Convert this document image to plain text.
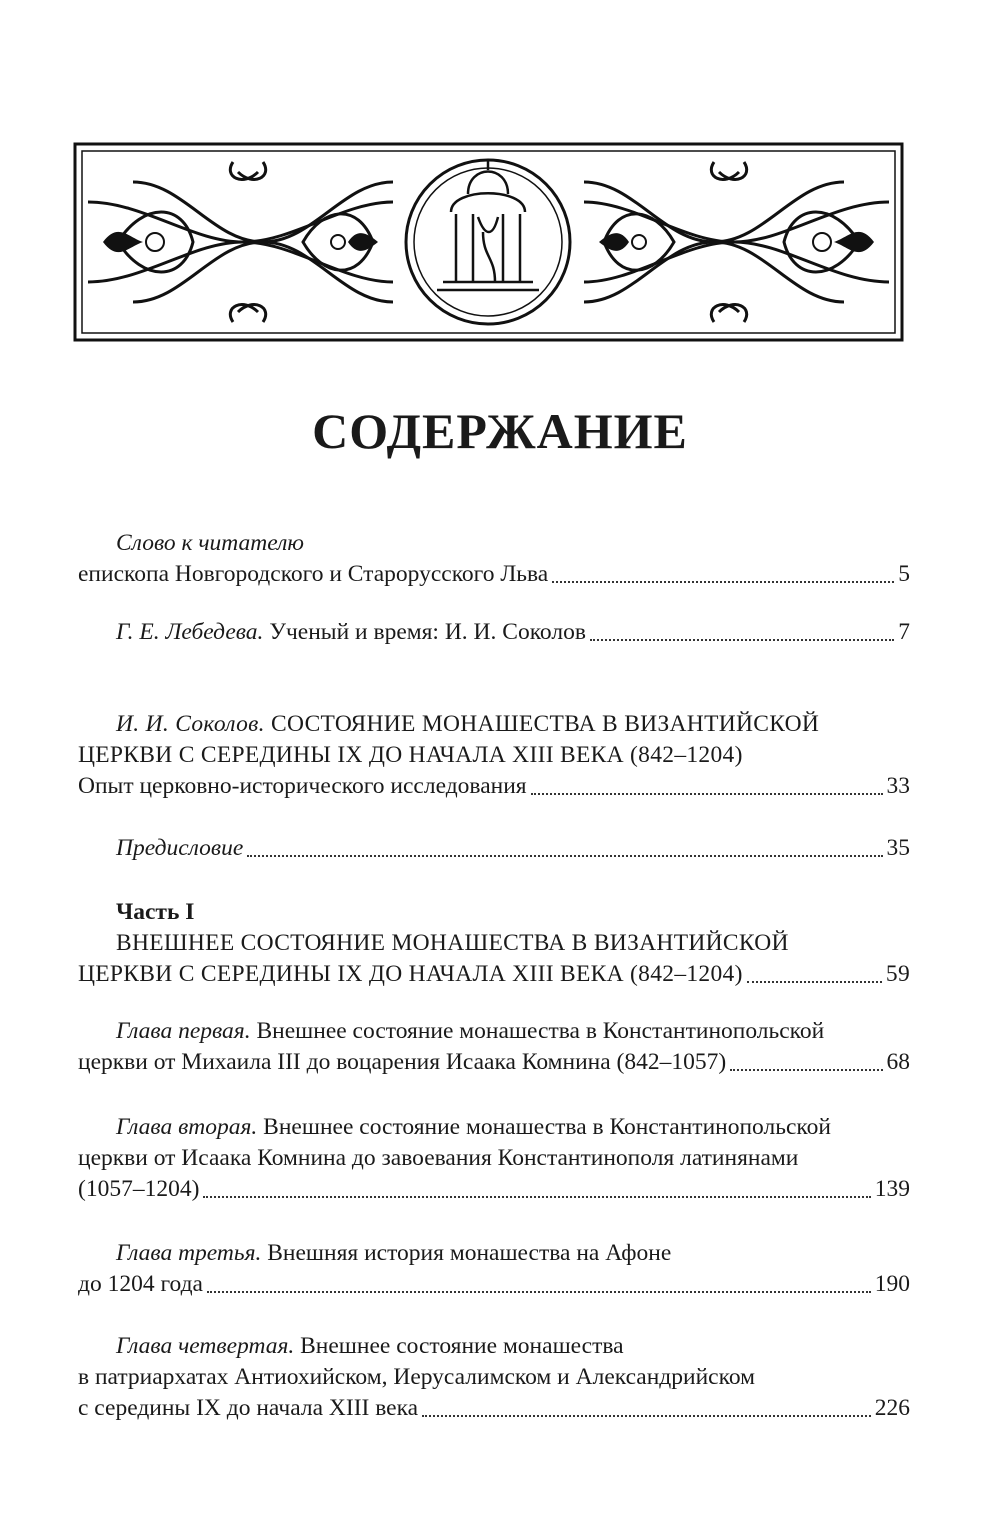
СОДЕРЖАНИЕ
Слово к читателю
епископа Новгородского и Старорусского Льва	5
Г. Е. Лебедева. Ученый и время: И. И. Соколов	7
И. И. Соколов. СОСТОЯНИЕ МОНАШЕСТВА В ВИЗАНТИЙСКОЙ
ЦЕРКВИ С СЕРЕДИНЫ IX ДО НАЧАЛА XIII ВЕКА (842–1204)
Опыт церковно-исторического исследования	33
Предисловие	35
Часть I
ВНЕШНЕЕ СОСТОЯНИЕ МОНАШЕСТВА В ВИЗАНТИЙСКОЙ
ЦЕРКВИ С СЕРЕДИНЫ IX ДО НАЧАЛА XIII ВЕКА (842–1204)	59
Глава первая. Внешнее состояние монашества в Константинопольской
церкви от Михаила III до воцарения Исаака Комнина (842–1057)	68
Глава вторая. Внешнее состояние монашества в Константинопольской
церкви от Исаака Комнина до завоевания Константинополя латинянами
(1057–1204)	139
Глава третья. Внешняя история монашества на Афоне
до 1204 года	190
Глава четвертая. Внешнее состояние монашества
в патриархатах Антиохийском, Иерусалимском и Александрийском
с середины IX до начала XIII века	226
